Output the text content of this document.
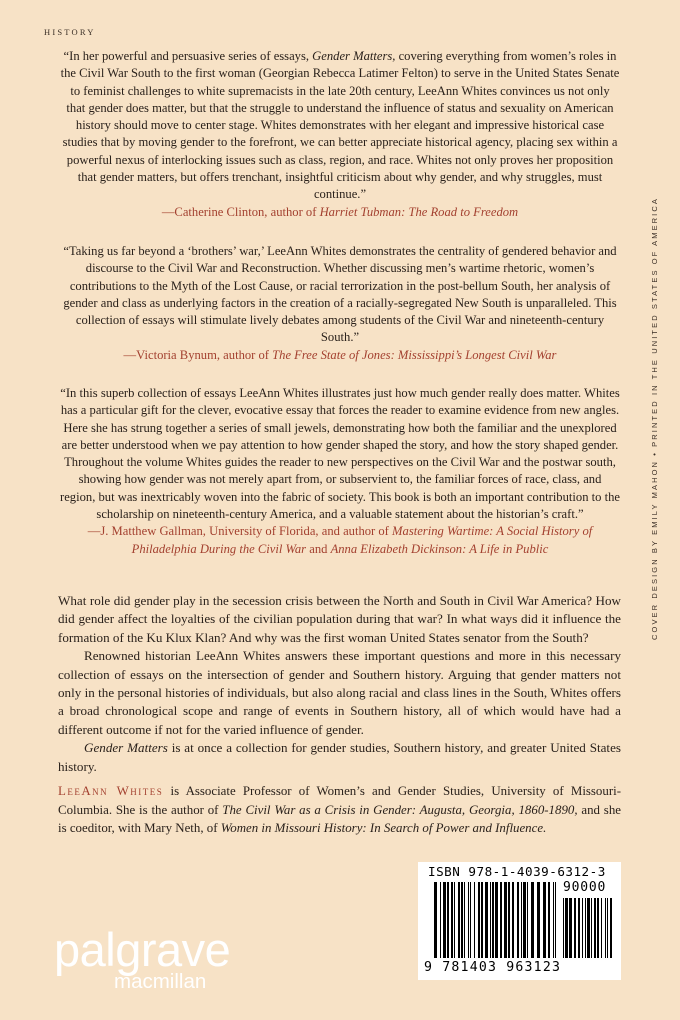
HISTORY

“In her powerful and persuasive series of essays, Gender Matters, covering everything from women’s roles in the Civil War South to the first woman (Georgian Rebecca Latimer Felton) to serve in the United States Senate to feminist challenges to white supremacists in the late 20th century, LeeAnn Whites convinces us not only that gender does matter, but that the struggle to understand the influence of status and sexuality on American history should move to center stage. Whites demonstrates with her elegant and impressive historical case studies that by moving gender to the forefront, we can better appreciate historical agency, placing sex within a powerful nexus of interlocking issues such as class, region, and race. Whites not only proves her proposition that gender matters, but offers trenchant, insightful criticism about why gender, and why struggles, must continue.”

—Catherine Clinton, author of Harriet Tubman: The Road to Freedom

“Taking us far beyond a ‘brothers’ war,’ LeeAnn Whites demonstrates the centrality of gendered behavior and discourse to the Civil War and Reconstruction. Whether discussing men’s wartime rhetoric, women’s contributions to the Myth of the Lost Cause, or racial terrorization in the post-bellum South, her analysis of gender and class as underlying factors in the creation of a racially-segregated New South is unparalleled. This collection of essays will stimulate lively debates among students of the Civil War and nineteenth-century South.”

—Victoria Bynum, author of The Free State of Jones: Mississippi’s Longest Civil War

“In this superb collection of essays LeeAnn Whites illustrates just how much gender really does matter. Whites has a particular gift for the clever, evocative essay that forces the reader to examine evidence from new angles. Here she has strung together a series of small jewels, demonstrating how both the familiar and the unexplored are better understood when we pay attention to how gender shaped the story, and how the story shaped gender. Throughout the volume Whites guides the reader to new perspectives on the Civil War and the postwar south, showing how gender was not merely apart from, or subservient to, the familiar forces of race, class, and region, but was inextricably woven into the fabric of society. This book is both an important contribution to the scholarship on nineteenth-century America, and a valuable statement about the historian’s craft.”

—J. Matthew Gallman, University of Florida, and author of Mastering Wartime: A Social History of Philadelphia During the Civil War and Anna Elizabeth Dickinson: A Life in Public

What role did gender play in the secession crisis between the North and South in Civil War America? How did gender affect the loyalties of the civilian population during that war? In what ways did it influence the formation of the Ku Klux Klan? And why was the first woman United States senator from the South?

Renowned historian LeeAnn Whites answers these important questions and more in this necessary collection of essays on the intersection of gender and Southern history. Arguing that gender matters not only in the personal histories of individuals, but also along racial and class lines in the South, Whites offers a broad chronological scope and range of events in Southern history, all of which would have had a different outcome if not for the varied influence of gender.

Gender Matters is at once a collection for gender studies, Southern history, and greater United States history.

LeeAnn Whites is Associate Professor of Women’s and Gender Studies, University of Missouri-Columbia. She is the author of The Civil War as a Crisis in Gender: Augusta, Georgia, 1860-1890, and she is coeditor, with Mary Neth, of Women in Missouri History: In Search of Power and Influence.
COVER DESIGN BY EMILY MAHON • PRINTED IN THE UNITED STATES OF AMERICA
palgrave
macmillan
ISBN 978-1-4039-6312-3
90000
9 781403 963123
